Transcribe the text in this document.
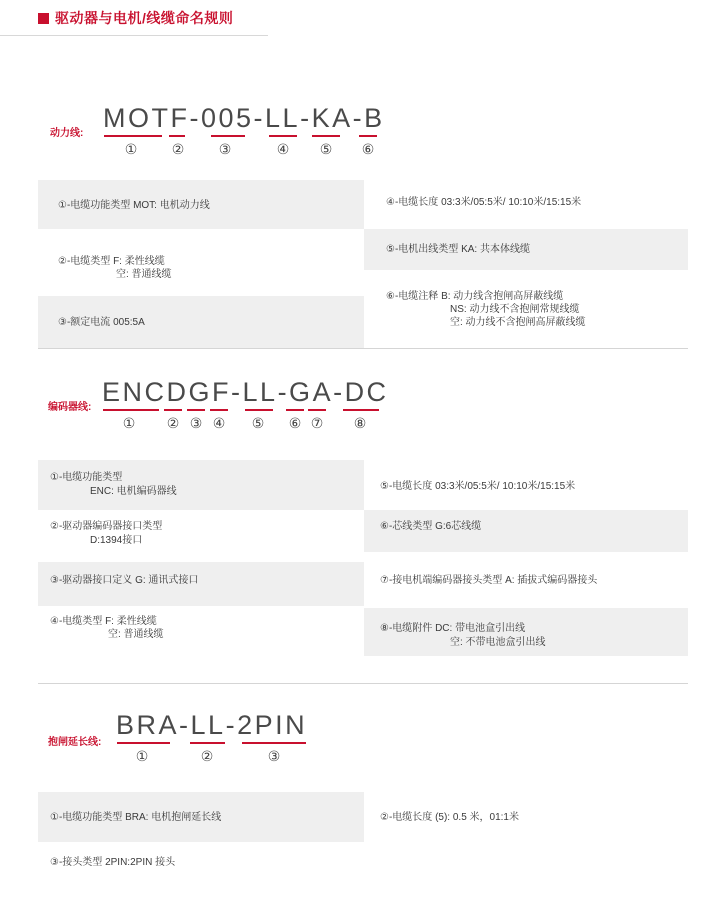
驱动器与电机/线缆命名规则
动力线:
MOTF-005-LL-KA-B
① ② ③	④ ⑤ ⑥
①-电缆功能类型 MOT: 电机动力线
②-电缆类型 F: 柔性线缆
空: 普通线缆
③-额定电流 005:5A
④-电缆长度 03:3米/05:5米/ 10:10米/15:15米
⑤-电机出线类型 KA: 共本体线缆
⑥-电缆注释 B: 动力线含抱闸高屏蔽线缆
NS: 动力线不含抱闸常规线缆
空: 动力线不含抱闸高屏蔽线缆
编码器线:
ENCDGF-LL-GA-DC
① ② ③ ④ ⑤ ⑥ ⑦ ⑧
①-电缆功能类型
ENC: 电机编码器线
②-驱动器编码器接口类型
D:1394接口
③-驱动器接口定义 G: 通讯式接口
④-电缆类型 F: 柔性线缆
空: 普通线缆
⑤-电缆长度 03:3米/05:5米/ 10:10米/15:15米
⑥-芯线类型 G:6芯线缆
⑦-接电机端编码器接头类型 A: 插拔式编码器接头
⑧-电缆附件 DC: 带电池盒引出线
空: 不带电池盒引出线
抱闸延长线:
BRA-LL-2PIN
①	②	③
①-电缆功能类型 BRA: 电机抱闸延长线	②-电缆长度 (5): 0.5 米，01:1米
③-接头类型 2PIN:2PIN 接头
